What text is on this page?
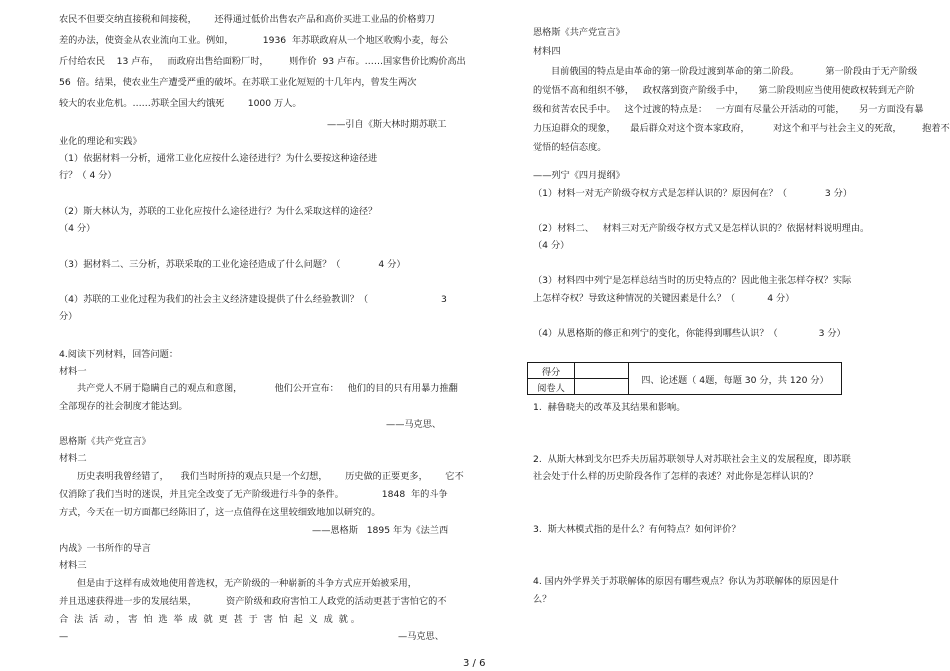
农民不但要交纳直接税和间接税，      还得通过低价出售农产品和高价买进工业品的价格剪刀
差的办法，使资金从农业流向工业。例如，          1936  年苏联政府从一个地区收购小麦，每公
斤付给农民    13 卢布，   而政府出售给面粉厂时，       则作价  93 卢布。……国家售价比购价高出
56  倍。结果，使农业生产遭受严重的破坏。在苏联工业化短短的十几年内，曾发生两次
较大的农业危机。……苏联全国大约饿死        1000 万人。
——引自《斯大林时期苏联工
业化的理论和实践》
（1）依据材料一分析，通常工业化应按什么途径进行？为什么要按这种途径进
行？（ 4 分）
（2）斯大林认为，苏联的工业化应按什么途径进行？为什么采取这样的途径？
（4 分）
（3）据材料二、三分析，苏联采取的工业化途径造成了什么问题？（             4 分）
（4）苏联的工业化过程为我们的社会主义经济建设提供了什么经验教训？（	3
分）
4.阅读下列材料，回答问题：
材料一
共产党人不屑于隐瞒自己的观点和意图，           他们公开宣布：   他们的目的只有用暴力推翻
全部现存的社会制度才能达到。
——马克思、
恩格斯《共产党宣言》
材料二
历史表明我曾经错了，    我们当时所持的观点只是一个幻想，      历史做的正要更多，      它不
仅消除了我们当时的迷误，并且完全改变了无产阶级进行斗争的条件。             1848  年的斗争
方式，今天在一切方面都已经陈旧了，这一点值得在这里较细致地加以研究的。
——恩格斯   1895 年为《法兰西
内战》一书所作的导言
材料三
但是由于这样有成效地使用普选权，无产阶级的一种崭新的斗争方式应开始被采用，
并且迅速获得进一步的发展结果，          资产阶级和政府害怕工人政党的活动更甚于害怕它的不
合  法  活  动 ， 害  怕  选  举  成  就  更  甚  于  害  怕  起  义  成  就 。
—	—马克思、
恩格斯《共产党宣言》
材料四
目前俄国的特点是由革命的第一阶段过渡到革命的第二阶段。         第一阶段由于无产阶级
的觉悟不高和组织不够，   政权落到资产阶级手中，     第二阶段则应当使用使政权转到无产阶
级和贫苦农民手中。   这个过渡的特点是：   一方面有尽量公开活动的可能，     另一方面没有暴
力压迫群众的现象，     最后群众对这个资本家政府，        对这个和平与社会主义的死敌，       抱着不
觉悟的轻信态度。
——列宁《四月提纲》
（1）材料一对无产阶级夺权方式是怎样认识的？原因何在？（             3 分）
（2）材料二、   材料三对无产阶级夺权方式又是怎样认识的？依据材料说明理由。
（4 分）
（3）材料四中列宁是怎样总结当时的历史特点的？因此他主张怎样夺权？实际
上怎样夺权？导致这种情况的关键因素是什么？（           4 分）
（4）从恩格斯的修正和列宁的变化，你能得到哪些认识？（              3 分）
1.  赫鲁晓夫的改革及其结果和影响。
2.  从斯大林到戈尔巴乔夫历届苏联领导人对苏联社会主义的发展程度，即苏联
社会处于什么样的历史阶段各作了怎样的表述？对此你是怎样认识的？
3.  斯大林模式指的是什么？有何特点？如何评价？
4. 国内外学界关于苏联解体的原因有哪些观点？你认为苏联解体的原因是什
么？
得分		四、论述题（ 4题，每题 30 分，共 120 分）
阅卷人		
3 / 6
